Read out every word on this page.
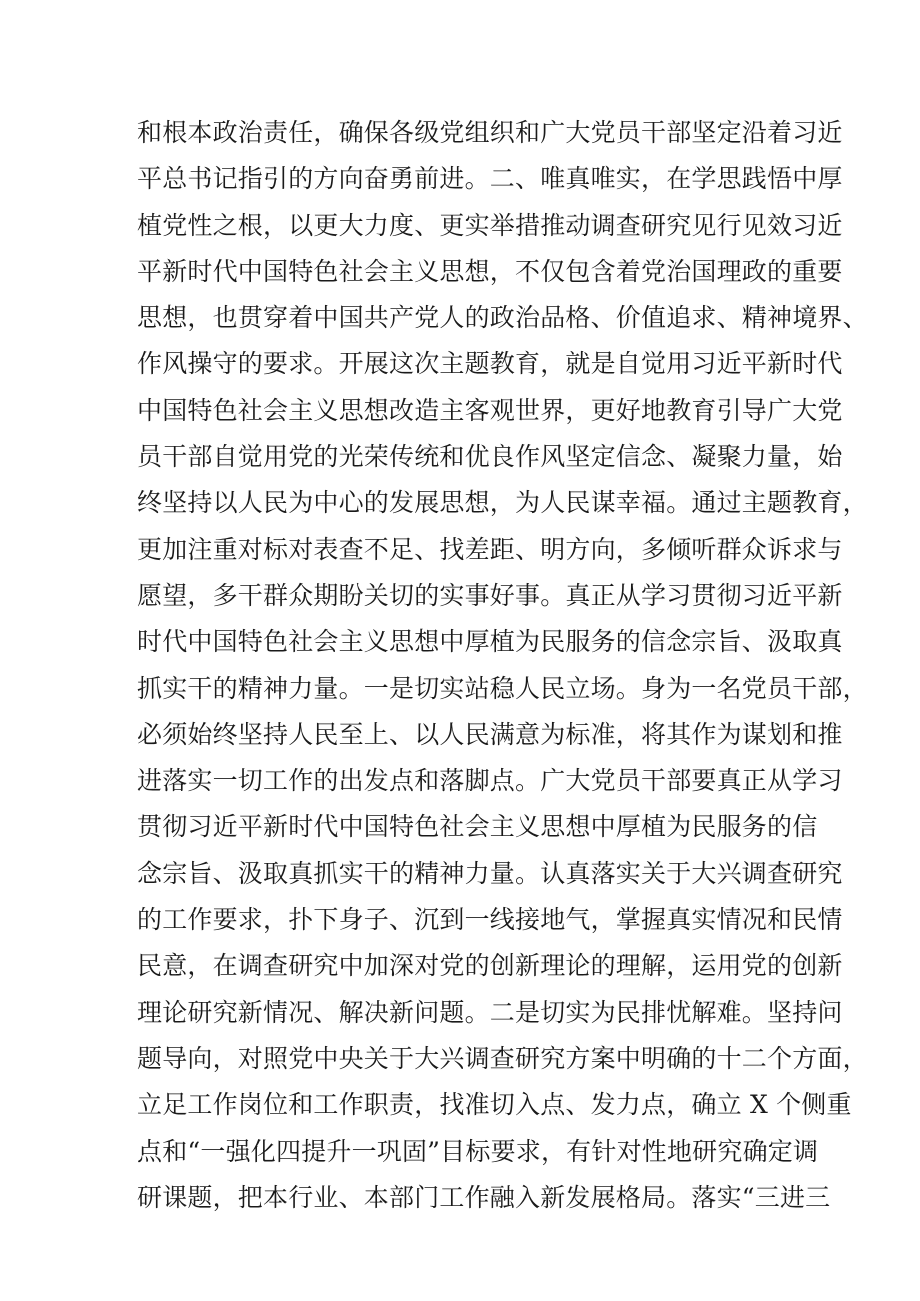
和根本政治责任，确保各级党组织和广大党员干部坚定沿着习近
平总书记指引的方向奋勇前进。二、唯真唯实，在学思践悟中厚
植党性之根，以更大力度、更实举措推动调查研究见行见效习近
平新时代中国特色社会主义思想，不仅包含着党治国理政的重要
思想，也贯穿着中国共产党人的政治品格、价值追求、精神境界、
作风操守的要求。开展这次主题教育，就是自觉用习近平新时代
中国特色社会主义思想改造主客观世界，更好地教育引导广大党
员干部自觉用党的光荣传统和优良作风坚定信念、凝聚力量，始
终坚持以人民为中心的发展思想，为人民谋幸福。通过主题教育，
更加注重对标对表查不足、找差距、明方向，多倾听群众诉求与
愿望，多干群众期盼关切的实事好事。真正从学习贯彻习近平新
时代中国特色社会主义思想中厚植为民服务的信念宗旨、汲取真
抓实干的精神力量。一是切实站稳人民立场。身为一名党员干部，
必须始终坚持人民至上、以人民满意为标准，将其作为谋划和推
进落实一切工作的出发点和落脚点。广大党员干部要真正从学习
贯彻习近平新时代中国特色社会主义思想中厚植为民服务的信
念宗旨、汲取真抓实干的精神力量。认真落实关于大兴调查研究
的工作要求，扑下身子、沉到一线接地气，掌握真实情况和民情
民意，在调查研究中加深对党的创新理论的理解，运用党的创新
理论研究新情况、解决新问题。二是切实为民排忧解难。坚持问
题导向，对照党中央关于大兴调查研究方案中明确的十二个方面，
立足工作岗位和工作职责，找准切入点、发力点，确立 X 个侧重
点和“一强化四提升一巩固”目标要求，有针对性地研究确定调
研课题，把本行业、本部门工作融入新发展格局。落实“三进三
